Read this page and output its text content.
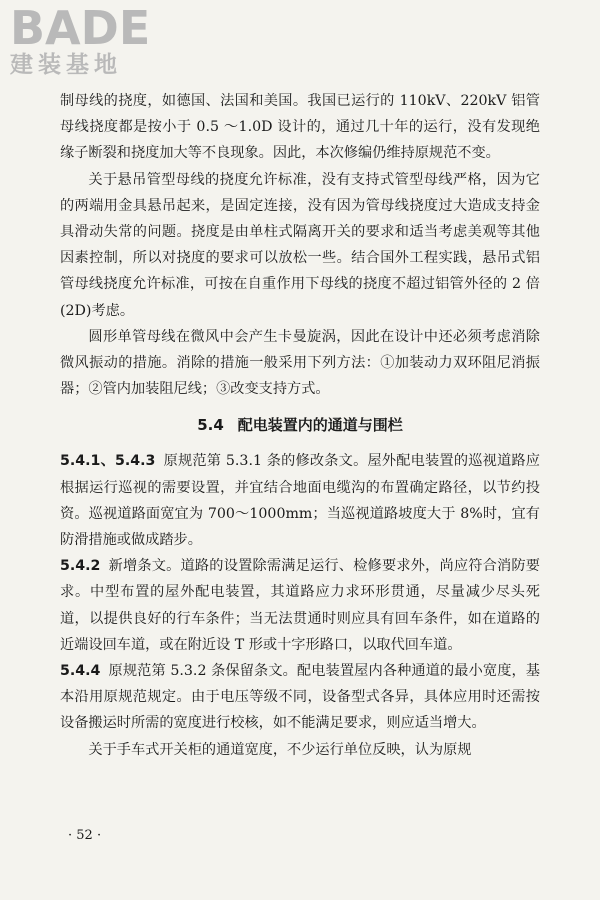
BADE
建装基地

制母线的挠度，如德国、法国和美国。我国已运行的 110kV、220kV 铝管母线挠度都是按小于 0.5 ～1.0D 设计的，通过几十年的运行，没有发现绝缘子断裂和挠度加大等不良现象。因此，本次修编仍维持原规范不变。

关于悬吊管型母线的挠度允许标准，没有支持式管型母线严格，因为它的两端用金具悬吊起来，是固定连接，没有因为管母线挠度过大造成支持金具滑动失常的问题。挠度是由单柱式隔离开关的要求和适当考虑美观等其他因素控制，所以对挠度的要求可以放松一些。结合国外工程实践，悬吊式铝管母线挠度允许标准，可按在自重作用下母线的挠度不超过铝管外径的 2 倍(2D)考虑。

圆形单管母线在微风中会产生卡曼旋涡，因此在设计中还必须考虑消除微风振动的措施。消除的措施一般采用下列方法：①加装动力双环阻尼消振器；②管内加装阻尼线；③改变支持方式。

5.4 配电装置内的通道与围栏

5.4.1、5.4.3 原规范第 5.3.1 条的修改条文。屋外配电装置的巡视道路应根据运行巡视的需要设置，并宜结合地面电缆沟的布置确定路径，以节约投资。巡视道路面宽宜为 700～1000mm；当巡视道路坡度大于 8%时，宜有防滑措施或做成踏步。

5.4.2 新增条文。道路的设置除需满足运行、检修要求外，尚应符合消防要求。中型布置的屋外配电装置，其道路应力求环形贯通，尽量减少尽头死道，以提供良好的行车条件；当无法贯通时则应具有回车条件，如在道路的近端设回车道，或在附近设 T 形或十字形路口，以取代回车道。

5.4.4 原规范第 5.3.2 条保留条文。配电装置屋内各种通道的最小宽度，基本沿用原规范规定。由于电压等级不同，设备型式各异，具体应用时还需按设备搬运时所需的宽度进行校核，如不能满足要求，则应适当增大。

关于手车式开关柜的通道宽度，不少运行单位反映，认为原规

· 52 ·
